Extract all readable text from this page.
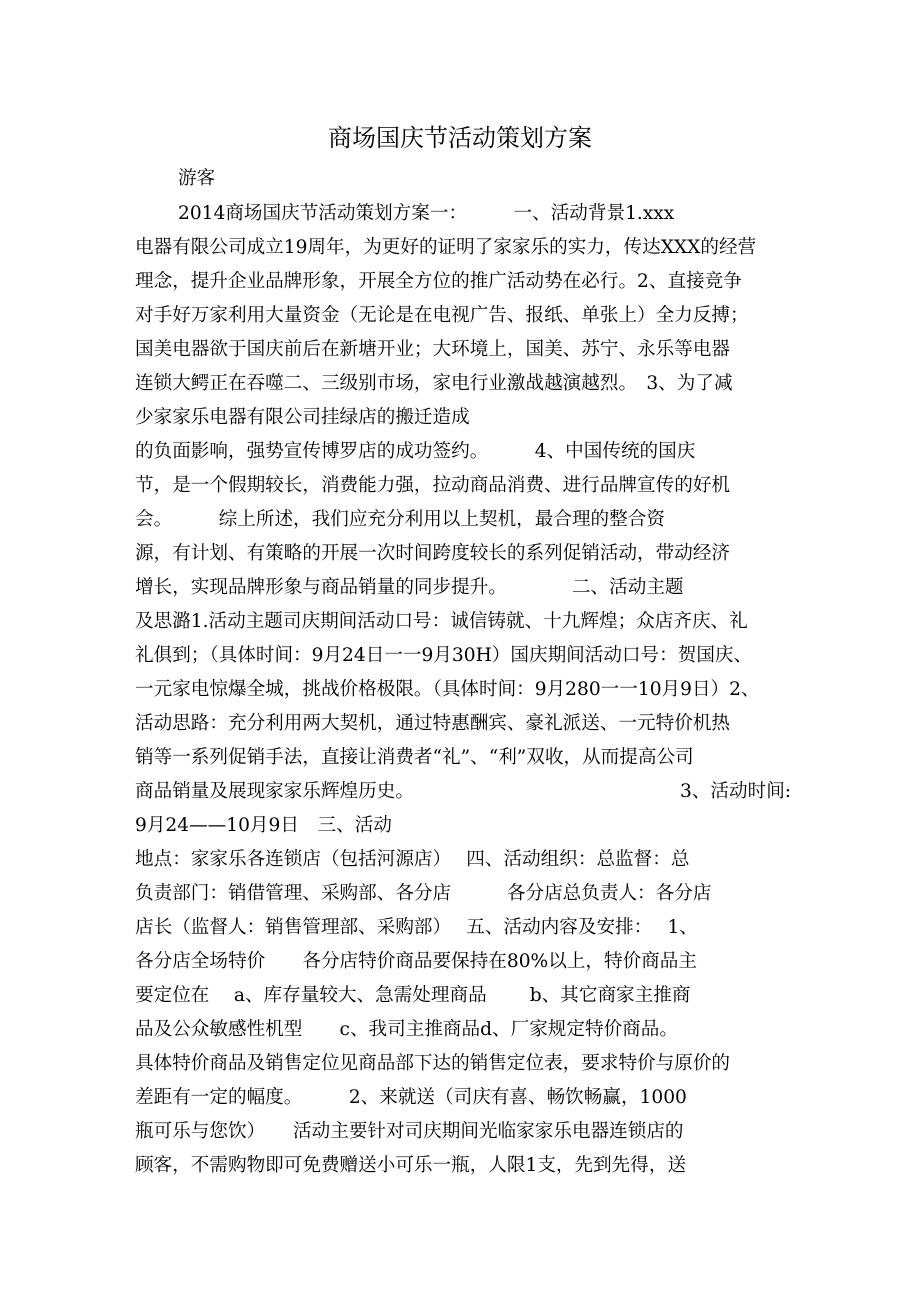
商场国庆节活动策划方案
游客
2014商场国庆节活动策划方案一：　　　一、活动背景1.xxx
电器有限公司成立19周年，为更好的证明了家家乐的实力，传达XXX的经营
理念，提升企业品牌形象，开展全方位的推广活动势在必行。2、直接竞争
对手好万家利用大量资金（无论是在电视广告、报纸、单张上）全力反搏；
国美电器欲于国庆前后在新塘开业；大环境上，国美、苏宁、永乐等电器
连锁大鳄正在吞噬二、三级别市场，家电行业激战越演越烈。　3、为了减
少家家乐电器有限公司挂绿店的搬迁造成
的负面影响，强势宣传博罗店的成功签约。　　　4、中国传统的国庆
节，是一个假期较长，消费能力强，拉动商品消费、进行品牌宣传的好机
会。　　　综上所述，我们应充分利用以上契机，最合理的整合资
源，有计划、有策略的开展一次时间跨度较长的系列促销活动，带动经济
增长，实现品牌形象与商品销量的同步提升。　　　　二、活动主题
及思潞1.活动主题司庆期间活动口号：诚信铸就、十九辉煌；众店齐庆、礼
礼俱到；（具体时间：9月24日一一9月30H）国庆期间活动口号：贺国庆、
一元家电惊爆全城，挑战价格极限。（具体时间：9月280一一10月9日）2、
活动思路：充分利用两大契机，通过特惠酬宾、豪礼派送、一元特价机热
销等一系列促销手法，直接让消费者“礼”、“利”双收，从而提高公司
商品销量及展现家家乐辉煌历史。	3、活动时间:
9月24——10月9日　三、活动
地点：家家乐各连锁店（包括河源店）　 四、活动组织：总监督：总
负责部门：销借管理、采购部、各分店　　　各分店总负责人：各分店
店长（监督人：销售管理部、采购部）　 五、活动内容及安排：　 1、
各分店全场特价　　各分店特价商品要保持在80%以上，特价商品主
要定位在　 a、库存量较大、急需处理商品　　 b、其它商家主推商
品及公众敏感性机型　　c、我司主推商品d、厂家规定特价商品。
具体特价商品及销售定位见商品部下达的销售定位表，要求特价与原价的
差距有一定的幅度。　　　2、来就送（司庆有喜、畅饮畅赢，1000
瓶可乐与您饮）　　活动主要针对司庆期间光临家家乐电器连锁店的
顾客，不需购物即可免费赠送小可乐一瓶，人限1支，先到先得，送
